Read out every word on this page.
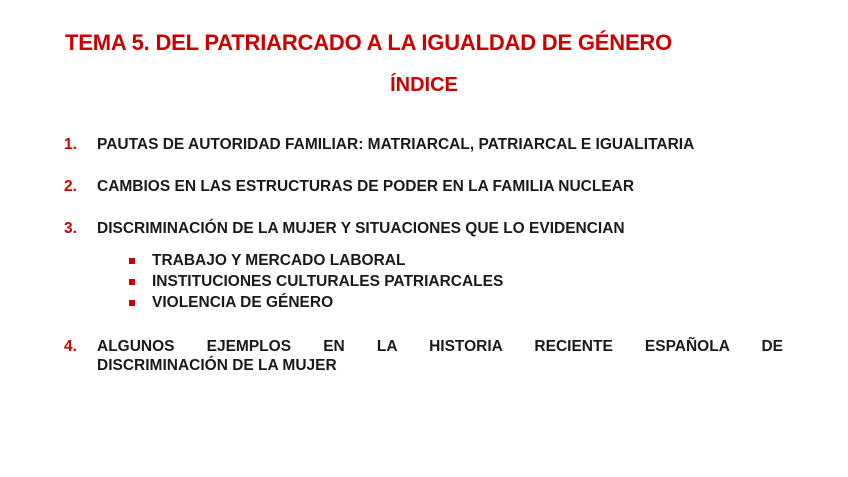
TEMA 5. DEL PATRIARCADO A LA IGUALDAD DE GÉNERO
ÍNDICE
1. PAUTAS DE AUTORIDAD FAMILIAR: MATRIARCAL, PATRIARCAL E IGUALITARIA
2. CAMBIOS EN LAS ESTRUCTURAS DE PODER EN LA FAMILIA NUCLEAR
3. DISCRIMINACIÓN DE LA MUJER Y SITUACIONES QUE LO EVIDENCIAN
TRABAJO Y MERCADO LABORAL
INSTITUCIONES CULTURALES PATRIARCALES
VIOLENCIA DE GÉNERO
4. ALGUNOS EJEMPLOS EN LA HISTORIA RECIENTE ESPAÑOLA DE
DISCRIMINACIÓN DE LA MUJER
